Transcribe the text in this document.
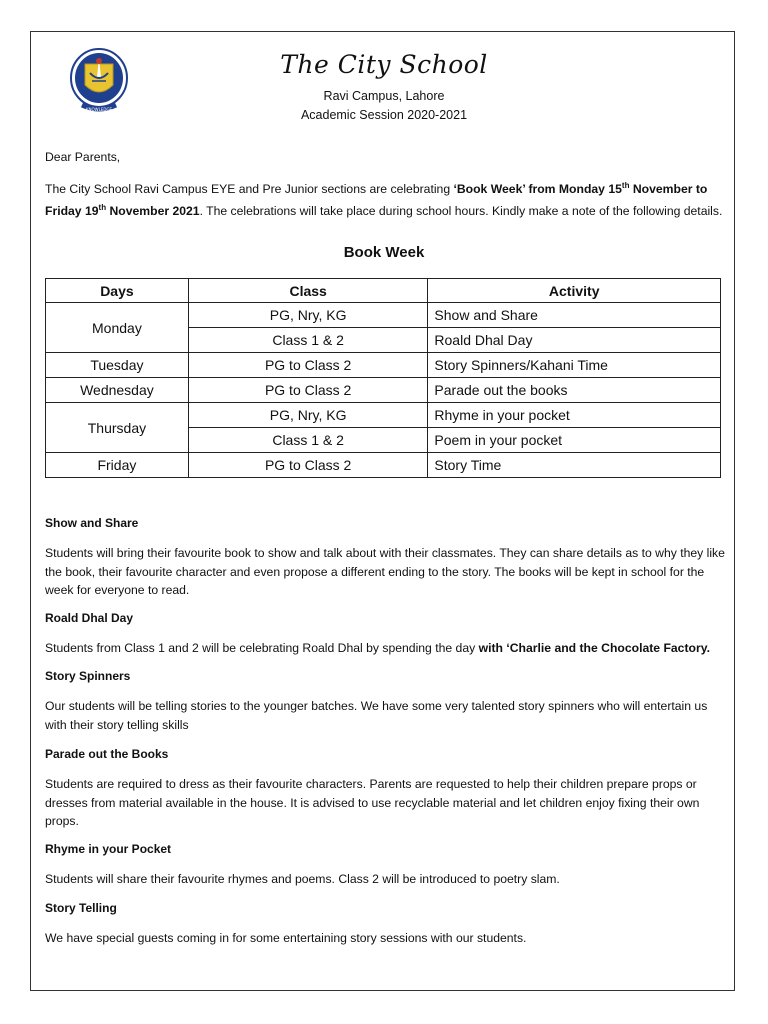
KNOWLEDGE
The City School
Ravi Campus, Lahore
Academic Session 2020-2021

Dear Parents,

The City School Ravi Campus EYE and Pre Junior sections are celebrating ‘Book Week’ from Monday 15th November to Friday 19th November 2021. The celebrations will take place during school hours. Kindly make a note of the following details.

Book Week
Days	Class	Activity
Monday	PG, Nry, KG	Show and Share
	Class 1 & 2	Roald Dhal Day
Tuesday	PG to Class 2	Story Spinners/Kahani Time
Wednesday	PG to Class 2	Parade out the books
Thursday	PG, Nry, KG	Rhyme in your pocket
	Class 1 & 2	Poem in your pocket
Friday	PG to Class 2	Story Time

Show and Share

Students will bring their favourite book to show and talk about with their classmates. They can share details as to why they like the book, their favourite character and even propose a different ending to the story. The books will be kept in school for the week for everyone to read.

Roald Dhal Day

Students from Class 1 and 2 will be celebrating Roald Dhal by spending the day with ‘Charlie and the Chocolate Factory.

Story Spinners

Our students will be telling stories to the younger batches. We have some very talented story spinners who will entertain us with their story telling skills

Parade out the Books

Students are required to dress as their favourite characters. Parents are requested to help their children prepare props or dresses from material available in the house. It is advised to use recyclable material and let children enjoy fixing their own props.

Rhyme in your Pocket

Students will share their favourite rhymes and poems. Class 2 will be introduced to poetry slam.

Story Telling

We have special guests coming in for some entertaining story sessions with our students.
